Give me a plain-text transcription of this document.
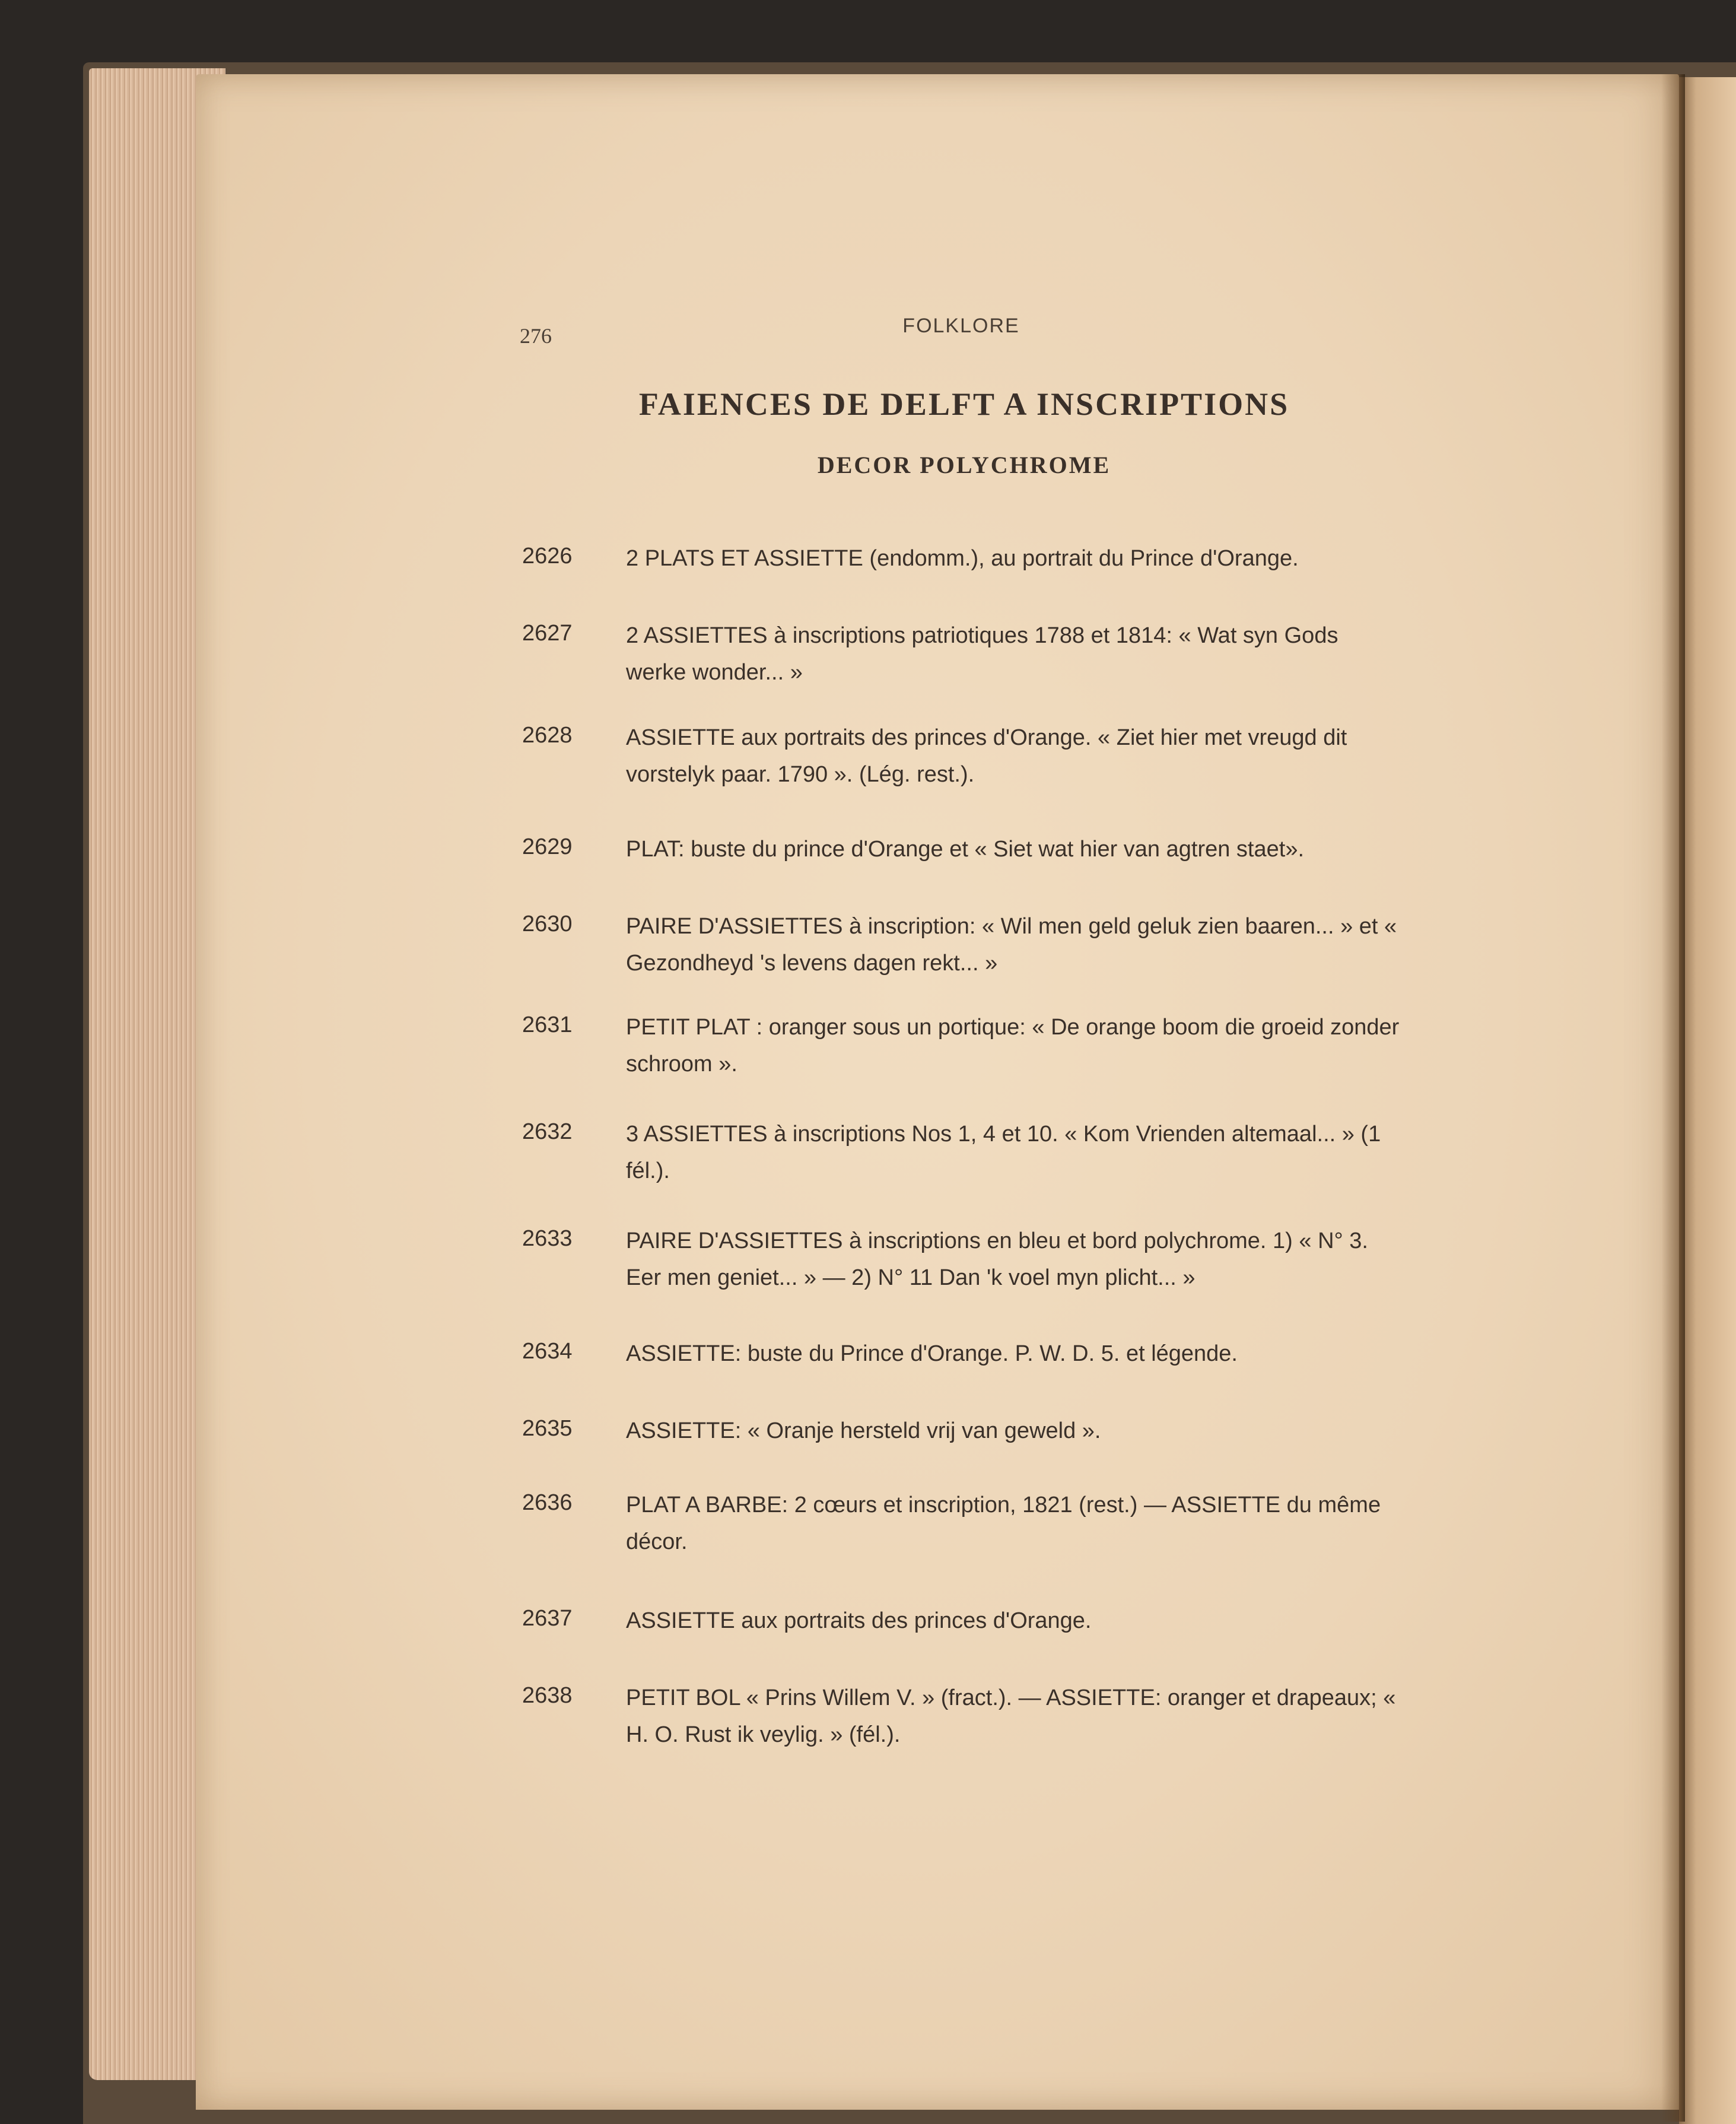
276	FOLKLORE
FAIENCES DE DELFT A INSCRIPTIONS
DECOR POLYCHROME
2626 2 PLATS ET ASSIETTE (endomm.), au portrait du Prince d'Orange.
2627 2 ASSIETTES à inscriptions patriotiques 1788 et 1814: « Wat syn Gods werke wonder... »
2628 ASSIETTE aux portraits des princes d'Orange. « Ziet hier met vreugd dit vorstelyk paar. 1790 ». (Lég. rest.).
2629 PLAT: buste du prince d'Orange et « Siet wat hier van agtren staet».
2630 PAIRE D'ASSIETTES à inscription: « Wil men geld geluk zien baaren... » et « Gezondheyd 's levens dagen rekt... »
2631 PETIT PLAT : oranger sous un portique: « De orange boom die groeid zonder schroom ».
2632 3 ASSIETTES à inscriptions Nos 1, 4 et 10. « Kom Vrienden altemaal... » (1 fél.).
2633 PAIRE D'ASSIETTES à inscriptions en bleu et bord polychrome. 1) « N° 3. Eer men geniet... » — 2) N° 11 Dan 'k voel myn plicht... »
2634 ASSIETTE: buste du Prince d'Orange. P. W. D. 5. et légende.
2635 ASSIETTE: « Oranje hersteld vrij van geweld ».
2636 PLAT A BARBE: 2 cœurs et inscription, 1821 (rest.) — ASSIETTE du même décor.
2637 ASSIETTE aux portraits des princes d'Orange.
2638 PETIT BOL « Prins Willem V. » (fract.). — ASSIETTE: oranger et drapeaux; « H. O. Rust ik veylig. » (fél.).
